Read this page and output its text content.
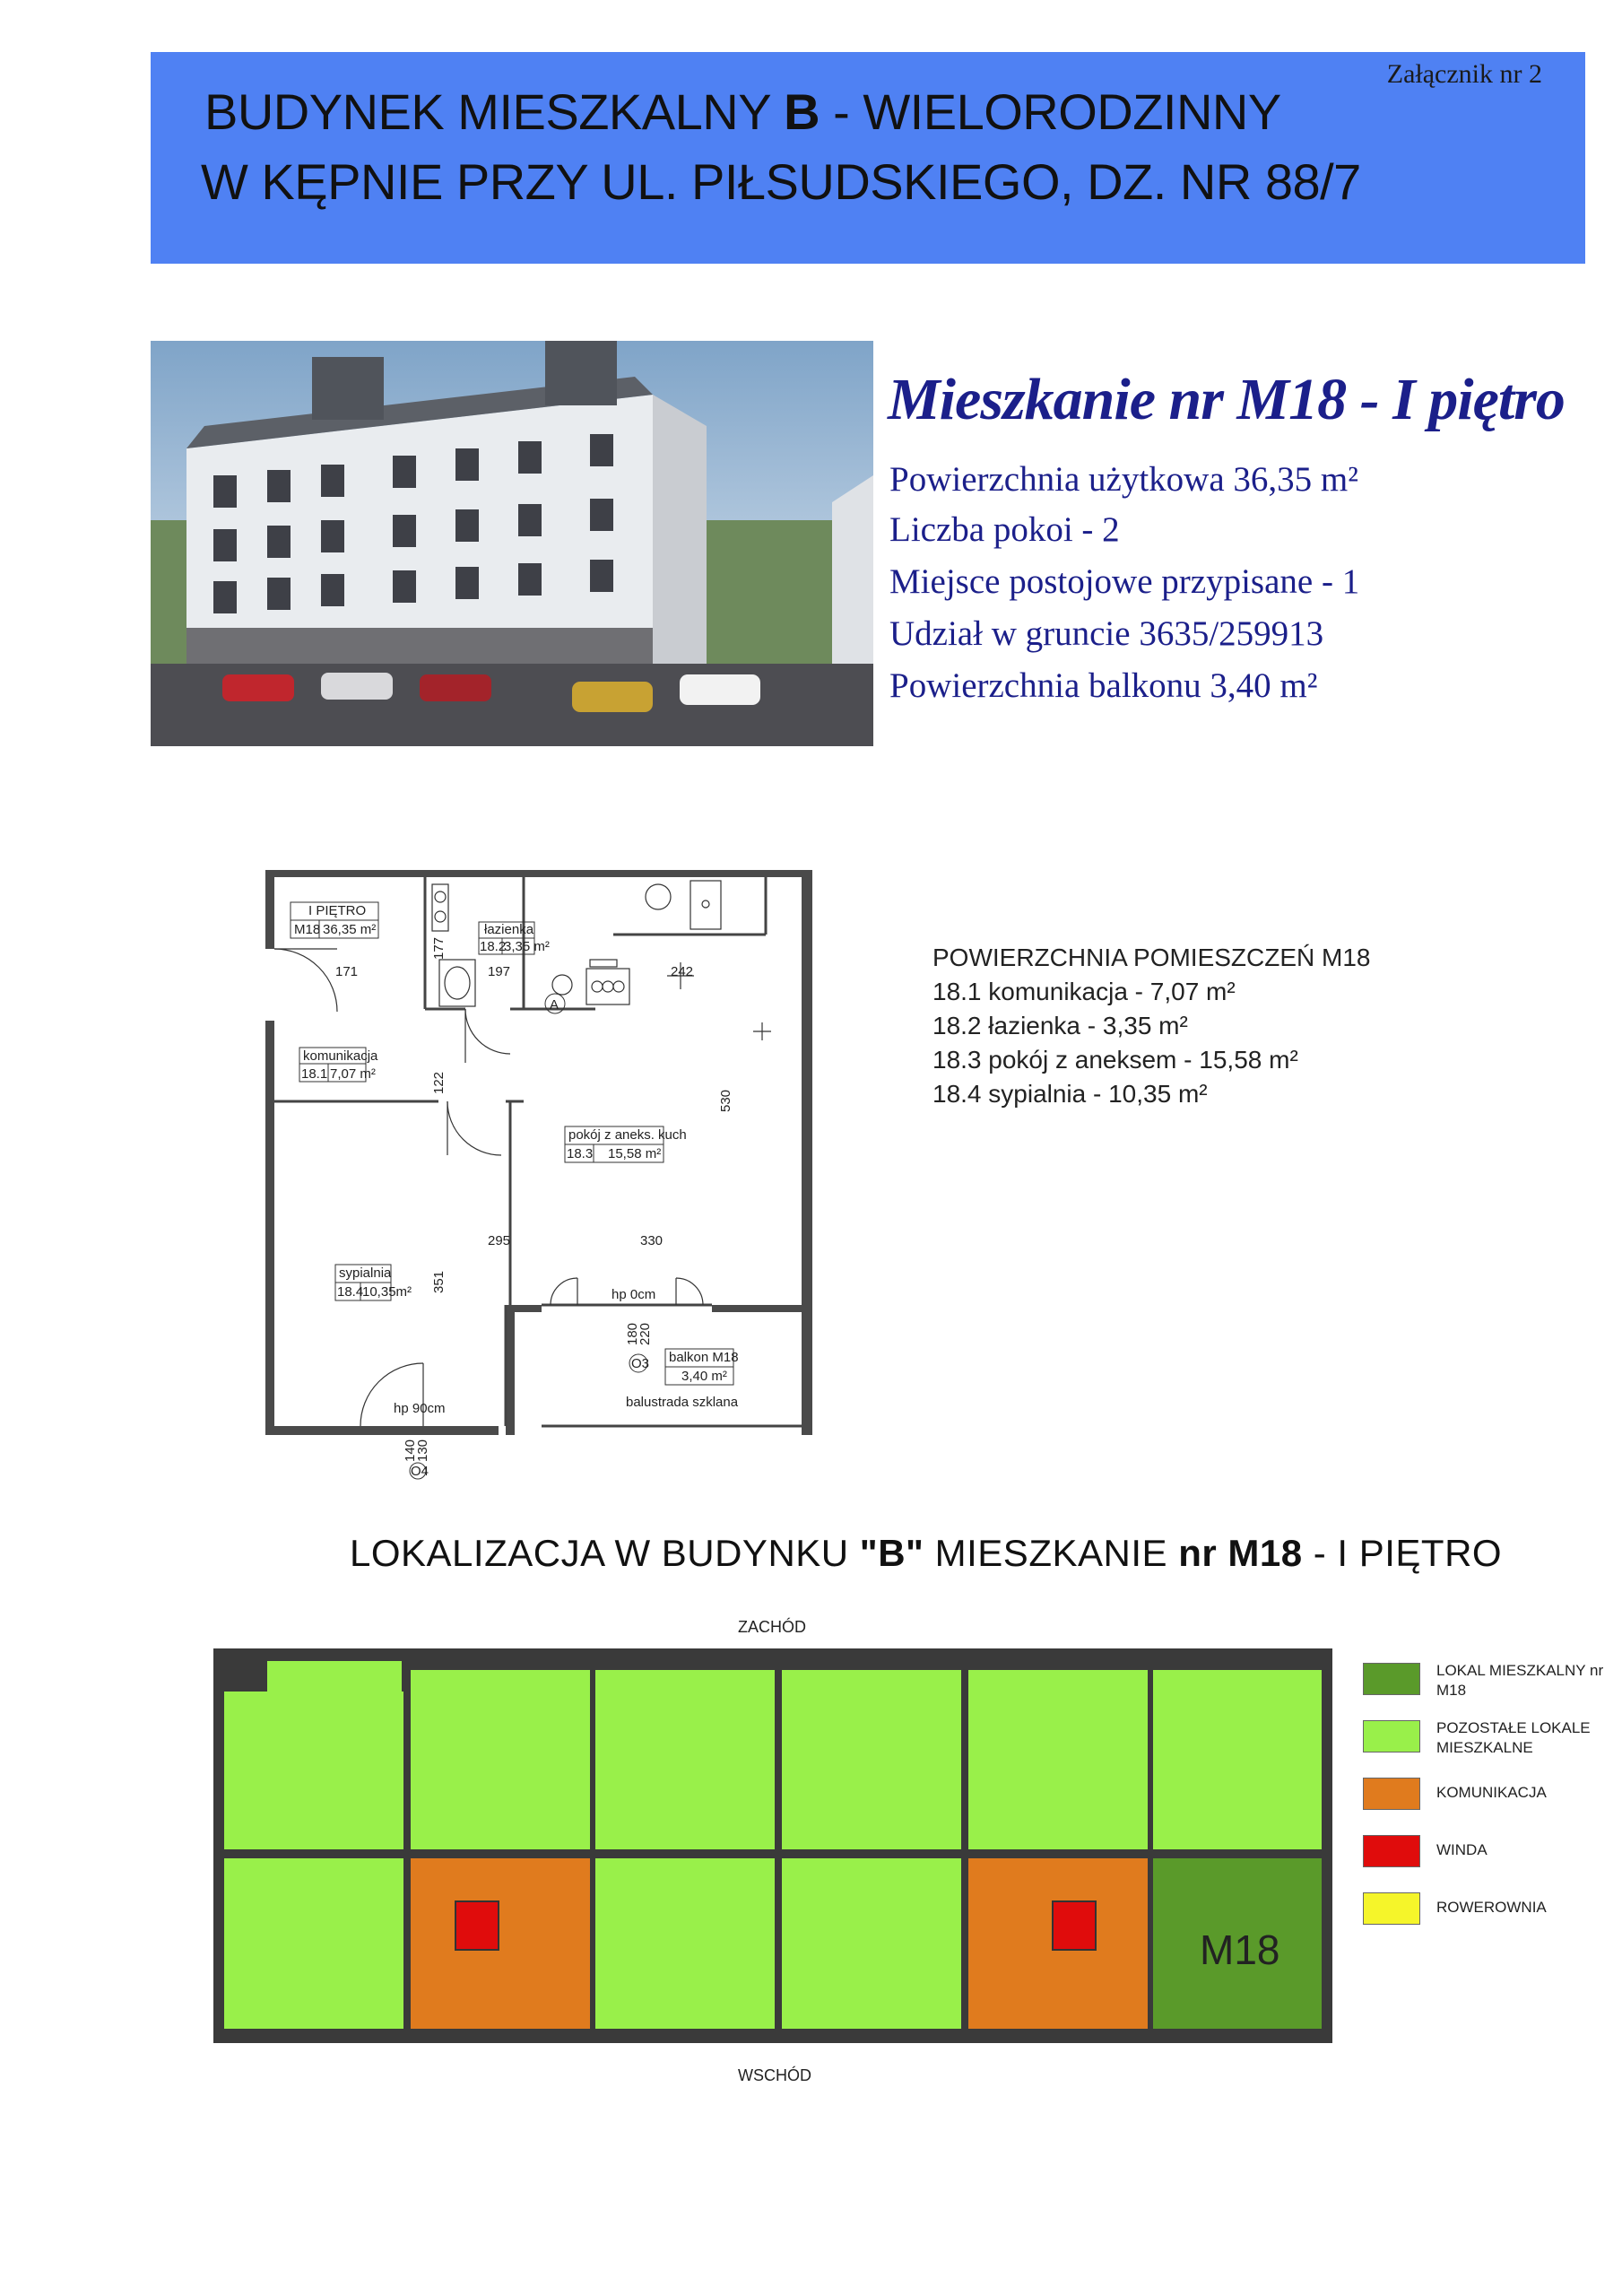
Załącznik nr 2
BUDYNEK MIESZKALNY B - WIELORODZINNY
W KĘPNIE PRZY UL. PIŁSUDSKIEGO, DZ. NR 88/7
Mieszkanie nr M18 - I piętro
Powierzchnia użytkowa 36,35 m²
Liczba pokoi - 2
Miejsce postojowe przypisane - 1
Udział w gruncie 3635/259913
Powierzchnia balkonu 3,40 m²
POWIERZCHNIA POMIESZCZEŃ M18
18.1 komunikacja - 7,07 m²
18.2 łazienka - 3,35 m²
18.3 pokój z aneksem - 15,58 m²
18.4 sypialnia - 10,35 m²
I PIĘTRO
M18 36,35 m²	łazienka
18.2
3,35 m²
komunikacja
18.1 7,07 m²
pokój z aneks. kuch
18.3 15,58 m²
sypialnia
18.4
10,35m²
balkon M18
3,40 m²
balustrada szklana
171	197	242
295	330
177
122
530
351
hp 0cm
hp 90cm
180
220
O3
140
130
O4
A
LOKALIZACJA W BUDYNKU "B" MIESZKANIE nr M18 - I PIĘTRO
ZACHÓD
WSCHÓD
M18
LOKAL MIESZKALNY nr M18
POZOSTAŁE LOKALE MIESZKALNE
KOMUNIKACJA
WINDA
ROWEROWNIA
